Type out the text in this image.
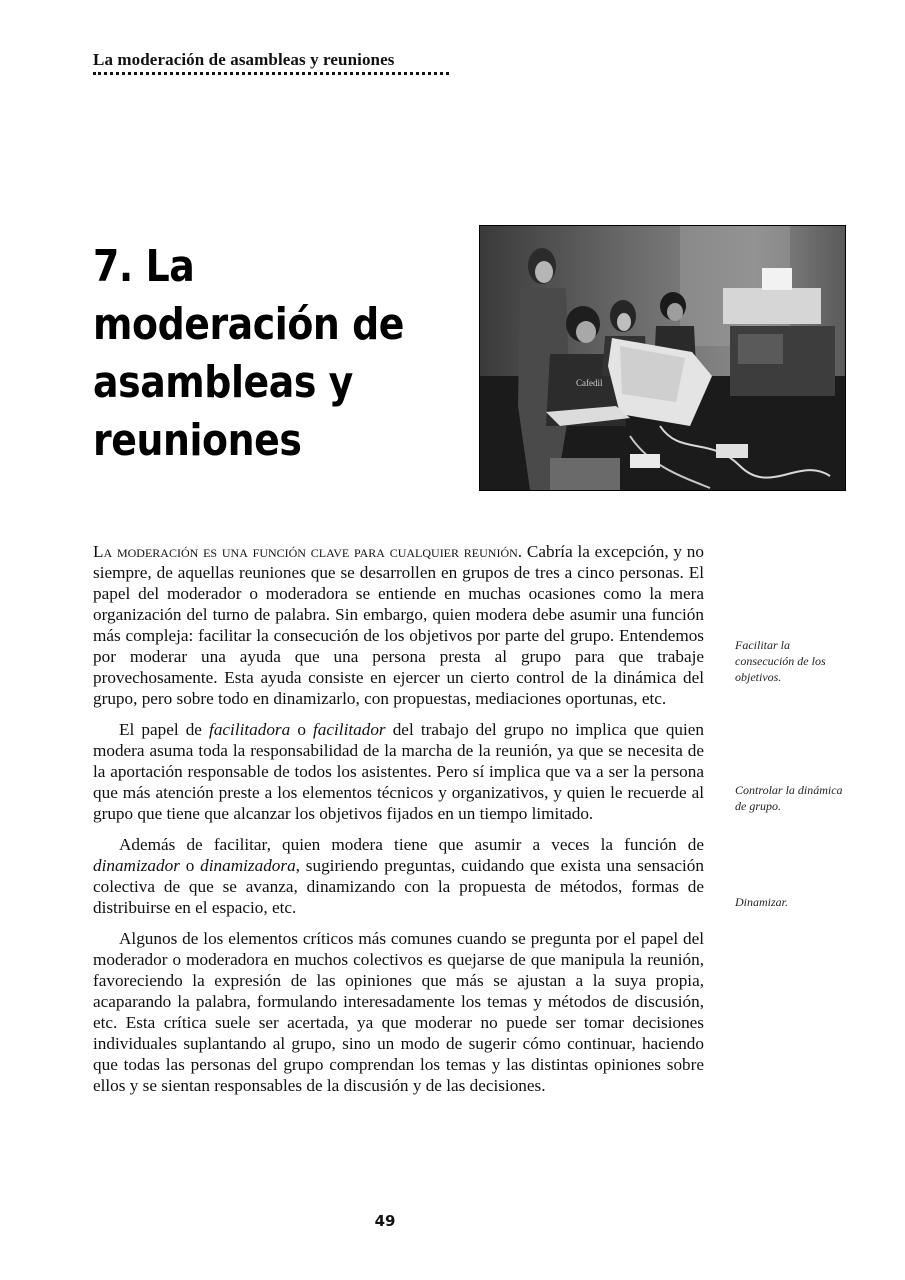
La moderación de asambleas y reuniones
7. La moderación de
asambleas y
reuniones
Cafedil

La moderación es una función clave para cualquier reunión. Cabría la excepción, y no siempre, de aquellas reuniones que se desarrollen en grupos de tres a cinco personas. El papel del moderador o moderadora se entiende en muchas ocasiones como la mera organización del turno de palabra. Sin embargo, quien modera debe asumir una función más compleja: facilitar la consecución de los objetivos por parte del grupo. Entendemos por moderar una ayuda que una persona presta al grupo para que trabaje provechosamente. Esta ayuda consiste en ejercer un cierto control de la dinámica del grupo, pero sobre todo en dinamizarlo, con propuestas, mediaciones oportunas, etc.

El papel de facilitadora o facilitador del trabajo del grupo no implica que quien modera asuma toda la responsabilidad de la marcha de la reunión, ya que se necesita de la aportación responsable de todos los asistentes. Pero sí implica que va a ser la persona que más atención preste a los elementos técnicos y organizativos, y quien le recuerde al grupo que tiene que alcanzar los objetivos fijados en un tiempo limitado.

Además de facilitar, quien modera tiene que asumir a veces la función de dinamizador o dinamizadora, sugiriendo preguntas, cuidando que exista una sensación colectiva de que se avanza, dinamizando con la propuesta de métodos, formas de distribuirse en el espacio, etc.

Algunos de los elementos críticos más comunes cuando se pregunta por el papel del moderador o moderadora en muchos colectivos es quejarse de que manipula la reunión, favoreciendo la expresión de las opiniones que más se ajustan a la suya propia, acaparando la palabra, formulando interesadamente los temas y métodos de discusión, etc. Esta crítica suele ser acertada, ya que moderar no puede ser tomar decisiones individuales suplantando al grupo, sino un modo de sugerir cómo continuar, haciendo que todas las personas del grupo comprendan los temas y las distintas opiniones sobre ellos y se sientan responsables de la discusión y de las decisiones.

Facilitar la consecución de los objetivos.
Controlar la dinámica de grupo.
Dinamizar.
49
